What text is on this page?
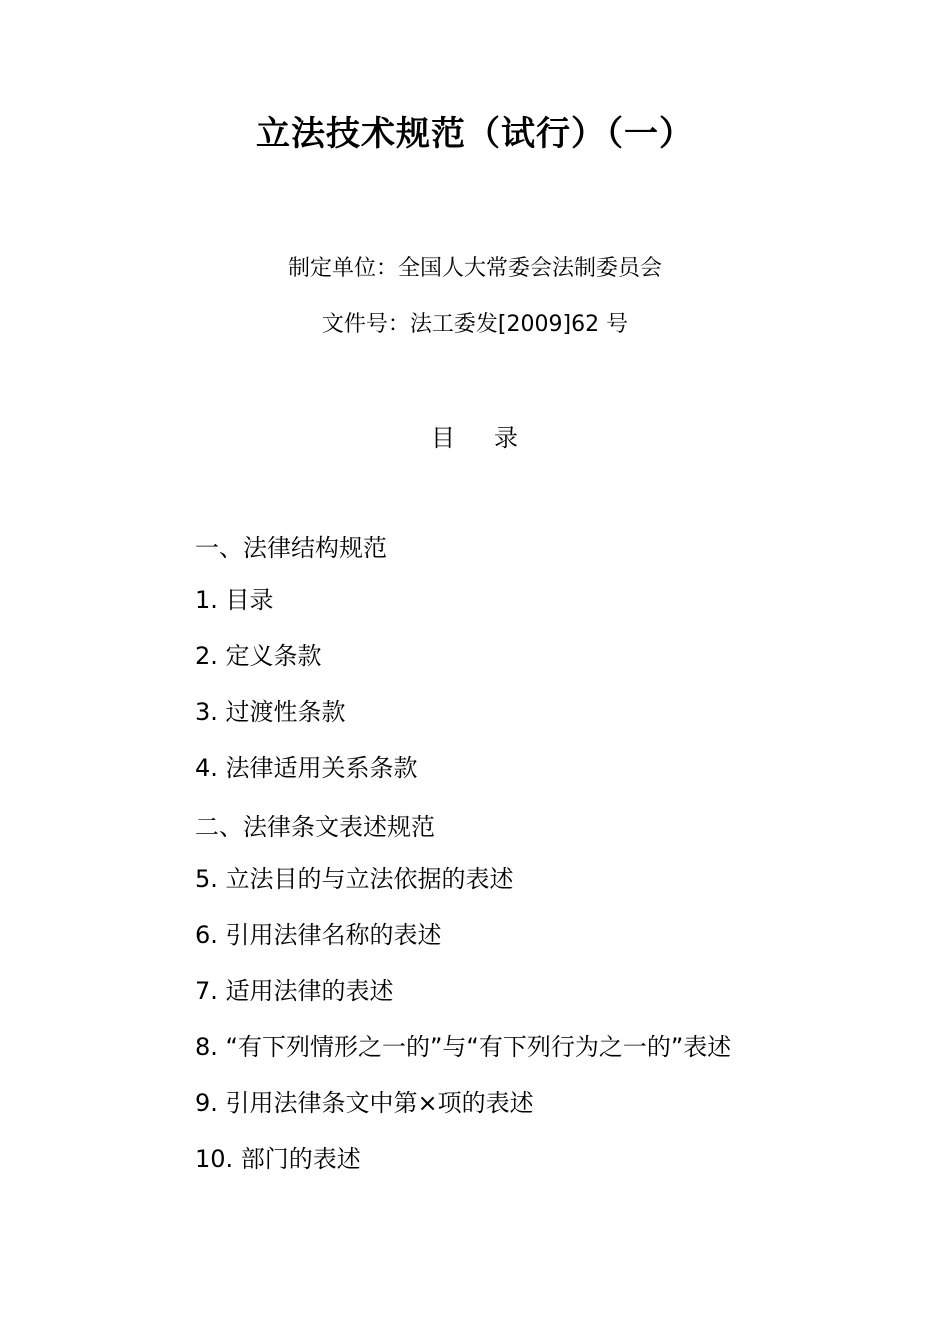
立法技术规范（试行）（一）
制定单位：全国人大常委会法制委员会
文件号：法工委发[2009]62 号
目 录
一、法律结构规范
1. 目录
2. 定义条款
3. 过渡性条款
4. 法律适用关系条款
二、法律条文表述规范
5. 立法目的与立法依据的表述
6. 引用法律名称的表述
7. 适用法律的表述
8. “有下列情形之一的”与“有下列行为之一的”表述
9. 引用法律条文中第×项的表述
10. 部门的表述
